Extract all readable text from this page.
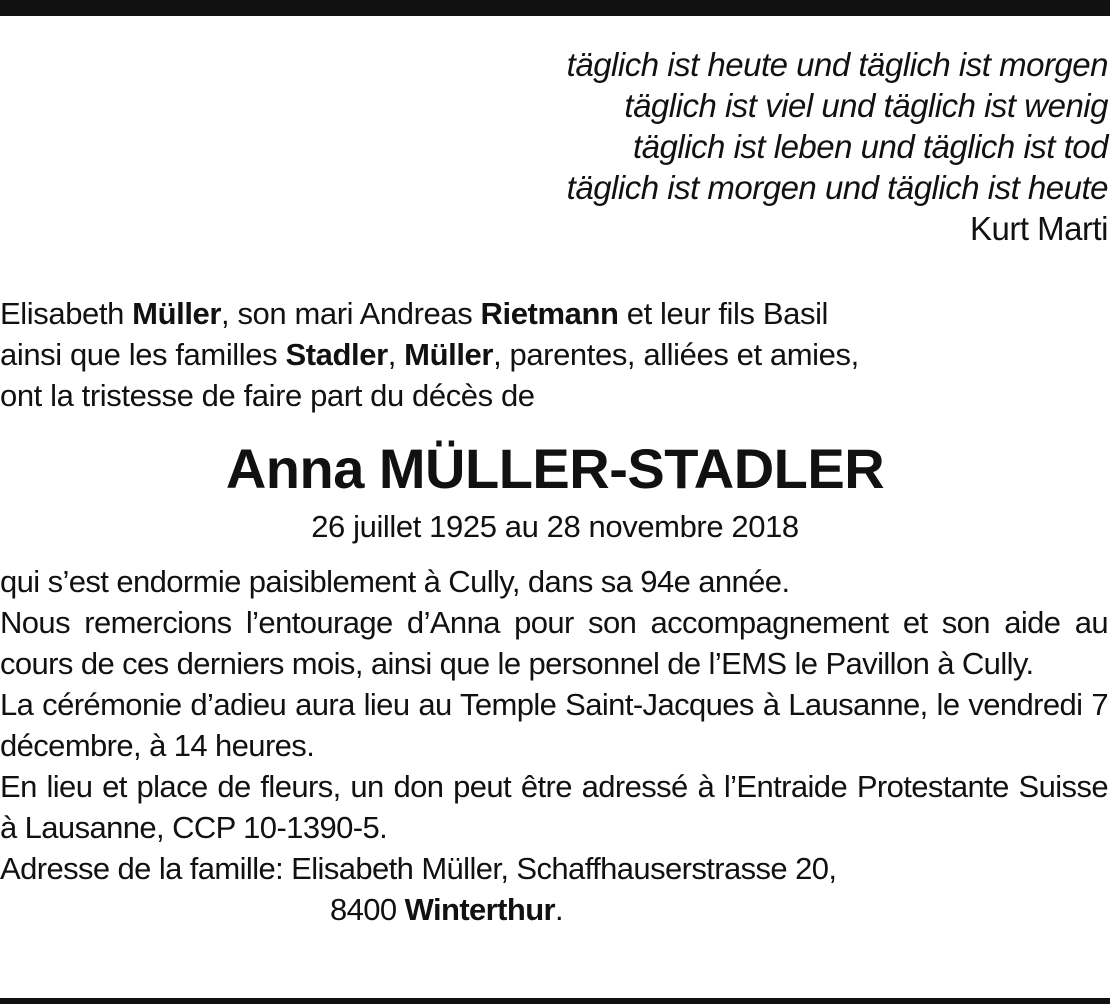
täglich ist heute und täglich ist morgen
täglich ist viel und täglich ist wenig
täglich ist leben und täglich ist tod
täglich ist morgen und täglich ist heute
Kurt Marti
Elisabeth Müller, son mari Andreas Rietmann et leur fils Basil
ainsi que les familles Stadler, Müller, parentes, alliées et amies,
ont la tristesse de faire part du décès de
Anna MÜLLER-STADLER
26 juillet 1925 au 28 novembre 2018

qui s’est endormie paisiblement à Cully, dans sa 94e année.

Nous remercions l’entourage d’Anna pour son accompagnement et son aide au cours de ces derniers mois, ainsi que le personnel de l’EMS le Pavillon à Cully.

La cérémonie d’adieu aura lieu au Temple Saint-Jacques à Lausanne, le vendredi 7 décembre, à 14 heures.

En lieu et place de fleurs, un don peut être adressé à l’Entraide Protestante Suisse à Lausanne, CCP 10-1390-5.

Adresse de la famille: Elisabeth Müller, Schaffhauserstrasse 20,
8400 Winterthur.
